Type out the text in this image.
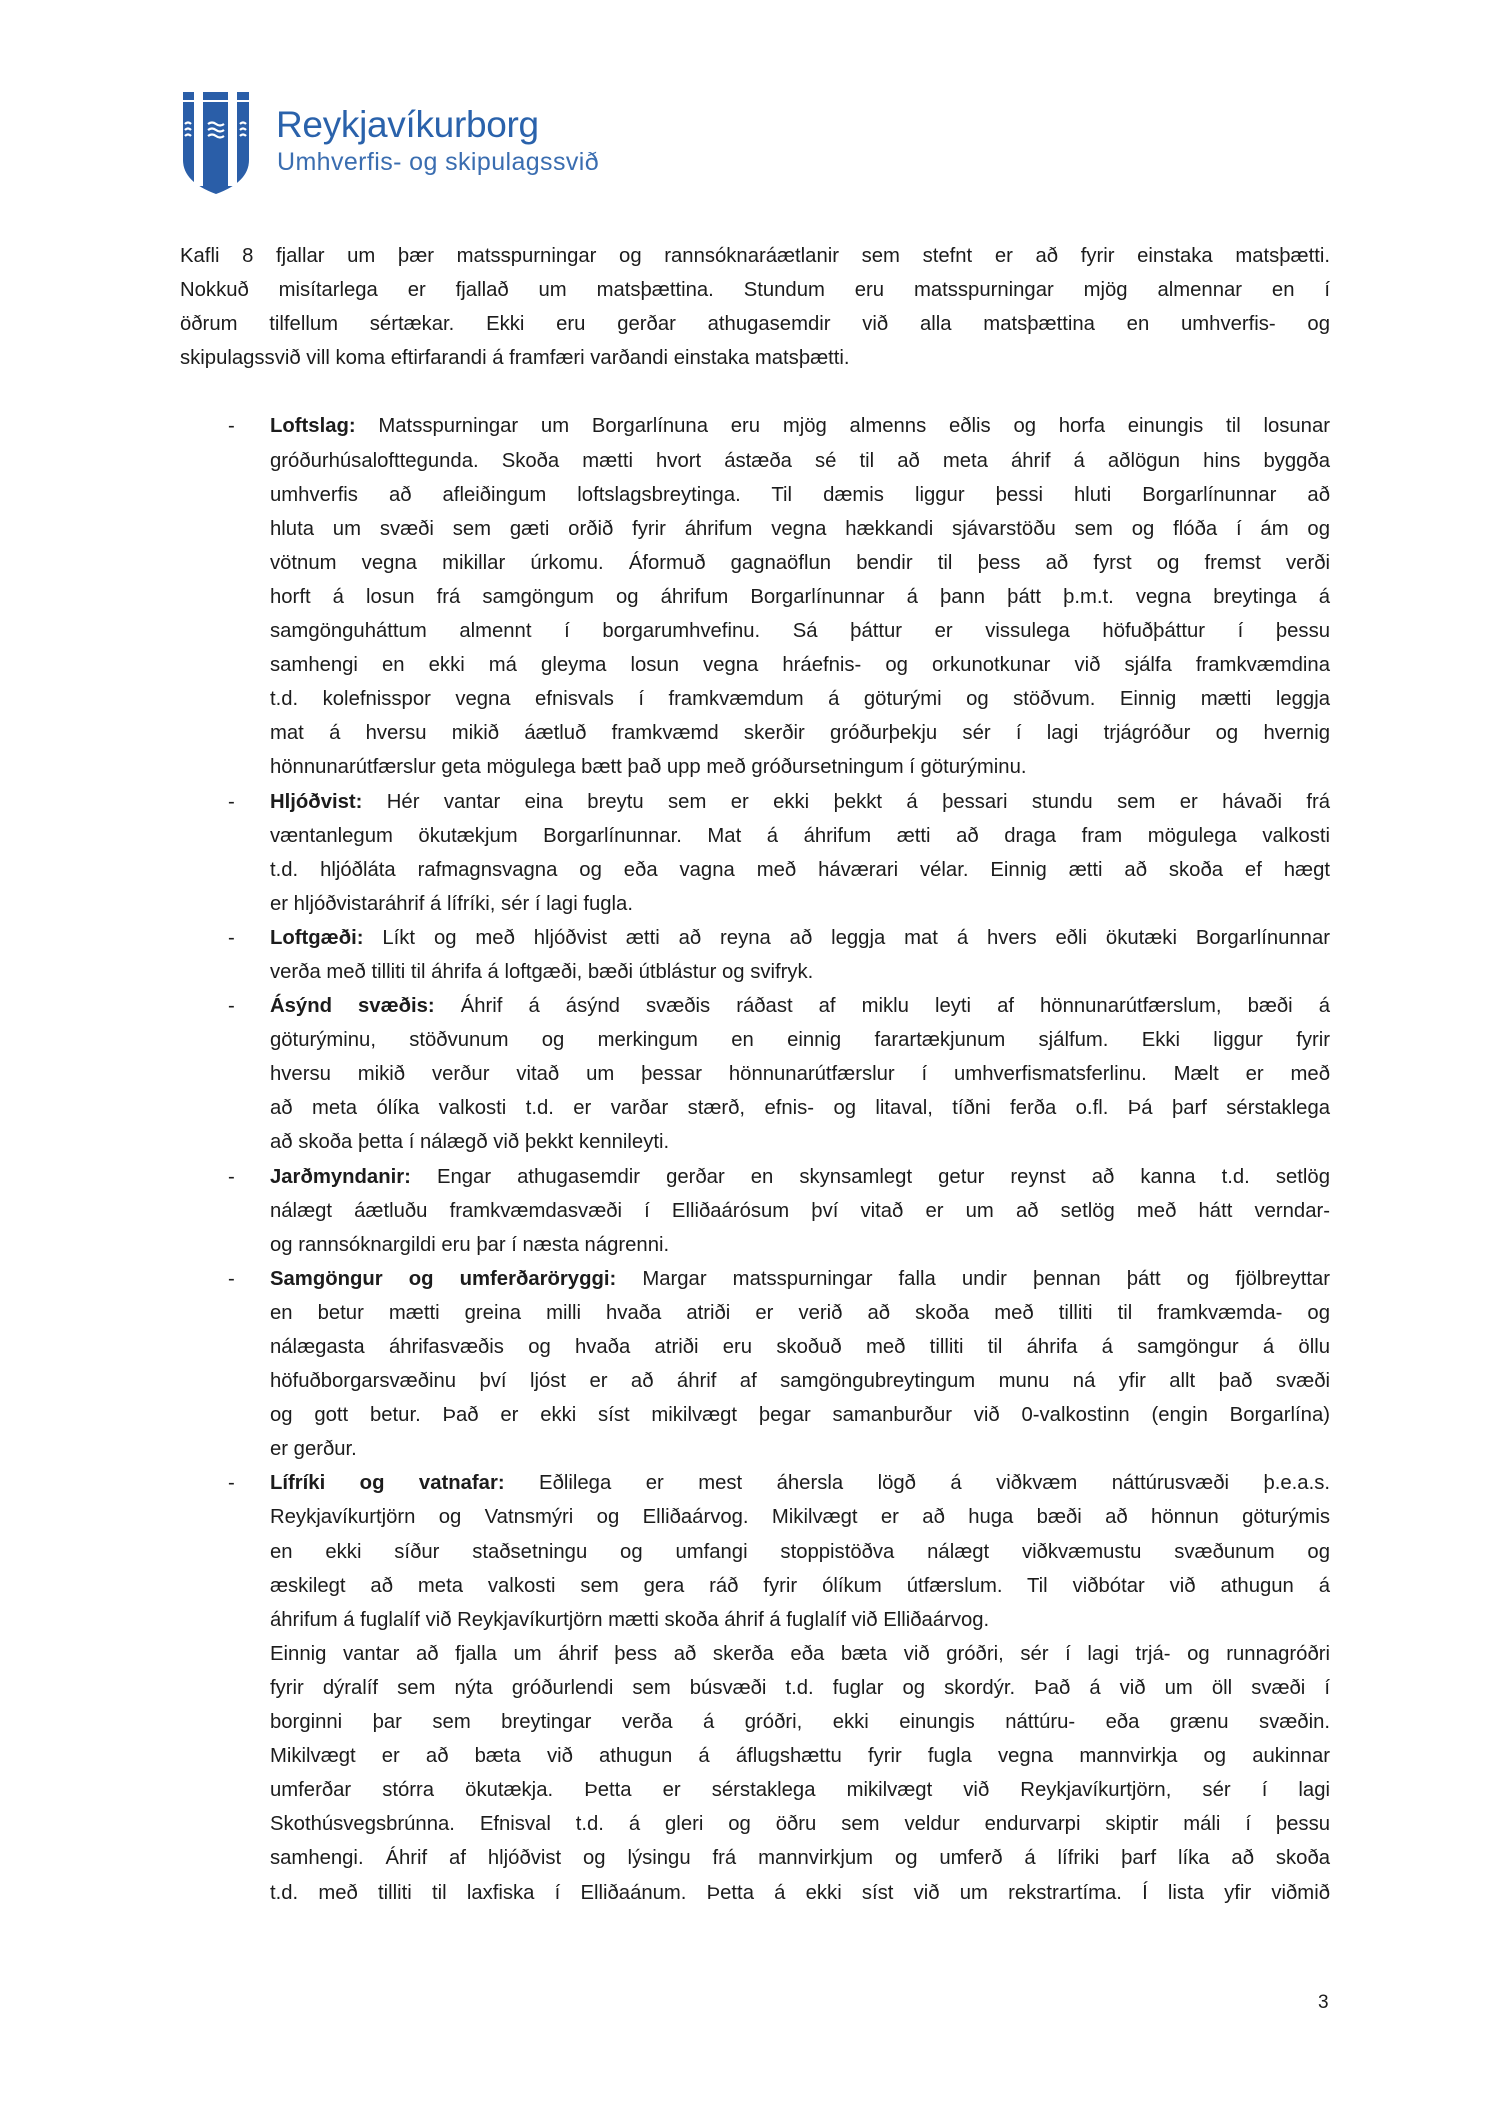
Reykjavíkurborg
Umhverfis- og skipulagssvið
Kafli 8 fjallar um þær matsspurningar og rannsóknaráætlanir sem stefnt er að fyrir einstaka matsþætti.
Nokkuð misítarlega er fjallað um matsþættina. Stundum eru matsspurningar mjög almennar en í
öðrum tilfellum sértækar. Ekki eru gerðar athugasemdir við alla matsþættina en umhverfis- og
skipulagssvið vill koma eftirfarandi á framfæri varðandi einstaka matsþætti.
- Loftslag: Matsspurningar um Borgarlínuna eru mjög almenns eðlis og horfa einungis til losunar
gróðurhúsalofttegunda. Skoða mætti hvort ástæða sé til að meta áhrif á aðlögun hins byggða
umhverfis að afleiðingum loftslagsbreytinga. Til dæmis liggur þessi hluti Borgarlínunnar að
hluta um svæði sem gæti orðið fyrir áhrifum vegna hækkandi sjávarstöðu sem og flóða í ám og
vötnum vegna mikillar úrkomu. Áformuð gagnaöflun bendir til þess að fyrst og fremst verði
horft á losun frá samgöngum og áhrifum Borgarlínunnar á þann þátt þ.m.t. vegna breytinga á
samgönguháttum almennt í borgarumhvefinu. Sá þáttur er vissulega höfuðþáttur í þessu
samhengi en ekki má gleyma losun vegna hráefnis- og orkunotkunar við sjálfa framkvæmdina
t.d. kolefnisspor vegna efnisvals í framkvæmdum á göturými og stöðvum. Einnig mætti leggja
mat á hversu mikið áætluð framkvæmd skerðir gróðurþekju sér í lagi trjágróður og hvernig
hönnunarútfærslur geta mögulega bætt það upp með gróðursetningum í göturýminu.
- Hljóðvist: Hér vantar eina breytu sem er ekki þekkt á þessari stundu sem er hávaði frá
væntanlegum ökutækjum Borgarlínunnar. Mat á áhrifum ætti að draga fram mögulega valkosti
t.d. hljóðláta rafmagnsvagna og eða vagna með háværari vélar. Einnig ætti að skoða ef hægt
er hljóðvistaráhrif á lífríki, sér í lagi fugla.
- Loftgæði: Líkt og með hljóðvist ætti að reyna að leggja mat á hvers eðli ökutæki Borgarlínunnar
verða með tilliti til áhrifa á loftgæði, bæði útblástur og svifryk.
- Ásýnd svæðis: Áhrif á ásýnd svæðis ráðast af miklu leyti af hönnunarútfærslum, bæði á
göturýminu, stöðvunum og merkingum en einnig farartækjunum sjálfum. Ekki liggur fyrir
hversu mikið verður vitað um þessar hönnunarútfærslur í umhverfismatsferlinu. Mælt er með
að meta ólíka valkosti t.d. er varðar stærð, efnis- og litaval, tíðni ferða o.fl. Þá þarf sérstaklega
að skoða þetta í nálægð við þekkt kennileyti.
- Jarðmyndanir: Engar athugasemdir gerðar en skynsamlegt getur reynst að kanna t.d. setlög
nálægt áætluðu framkvæmdasvæði í Elliðaárósum því vitað er um að setlög með hátt verndar-
og rannsóknargildi eru þar í næsta nágrenni.
- Samgöngur og umferðaröryggi: Margar matsspurningar falla undir þennan þátt og fjölbreyttar
en betur mætti greina milli hvaða atriði er verið að skoða með tilliti til framkvæmda- og
nálægasta áhrifasvæðis og hvaða atriði eru skoðuð með tilliti til áhrifa á samgöngur á öllu
höfuðborgarsvæðinu því ljóst er að áhrif af samgöngubreytingum munu ná yfir allt það svæði
og gott betur. Það er ekki síst mikilvægt þegar samanburður við 0-valkostinn (engin Borgarlína)
er gerður.
- Lífríki og vatnafar: Eðlilega er mest áhersla lögð á viðkvæm náttúrusvæði þ.e.a.s.
Reykjavíkurtjörn og Vatnsmýri og Elliðaárvog. Mikilvægt er að huga bæði að hönnun göturýmis
en ekki síður staðsetningu og umfangi stoppistöðva nálægt viðkvæmustu svæðunum og
æskilegt að meta valkosti sem gera ráð fyrir ólíkum útfærslum. Til viðbótar við athugun á
áhrifum á fuglalíf við Reykjavíkurtjörn mætti skoða áhrif á fuglalíf við Elliðaárvog.
Einnig vantar að fjalla um áhrif þess að skerða eða bæta við gróðri, sér í lagi trjá- og runnagróðri
fyrir dýralíf sem nýta gróðurlendi sem búsvæði t.d. fuglar og skordýr. Það á við um öll svæði í
borginni þar sem breytingar verða á gróðri, ekki einungis náttúru- eða grænu svæðin.
Mikilvægt er að bæta við athugun á áflugshættu fyrir fugla vegna mannvirkja og aukinnar
umferðar stórra ökutækja. Þetta er sérstaklega mikilvægt við Reykjavíkurtjörn, sér í lagi
Skothúsvegsbrúnna. Efnisval t.d. á gleri og öðru sem veldur endurvarpi skiptir máli í þessu
samhengi. Áhrif af hljóðvist og lýsingu frá mannvirkjum og umferð á lífriki þarf líka að skoða
t.d. með tilliti til laxfiska í Elliðaánum. Þetta á ekki síst við um rekstrartíma. Í lista yfir viðmið
3
